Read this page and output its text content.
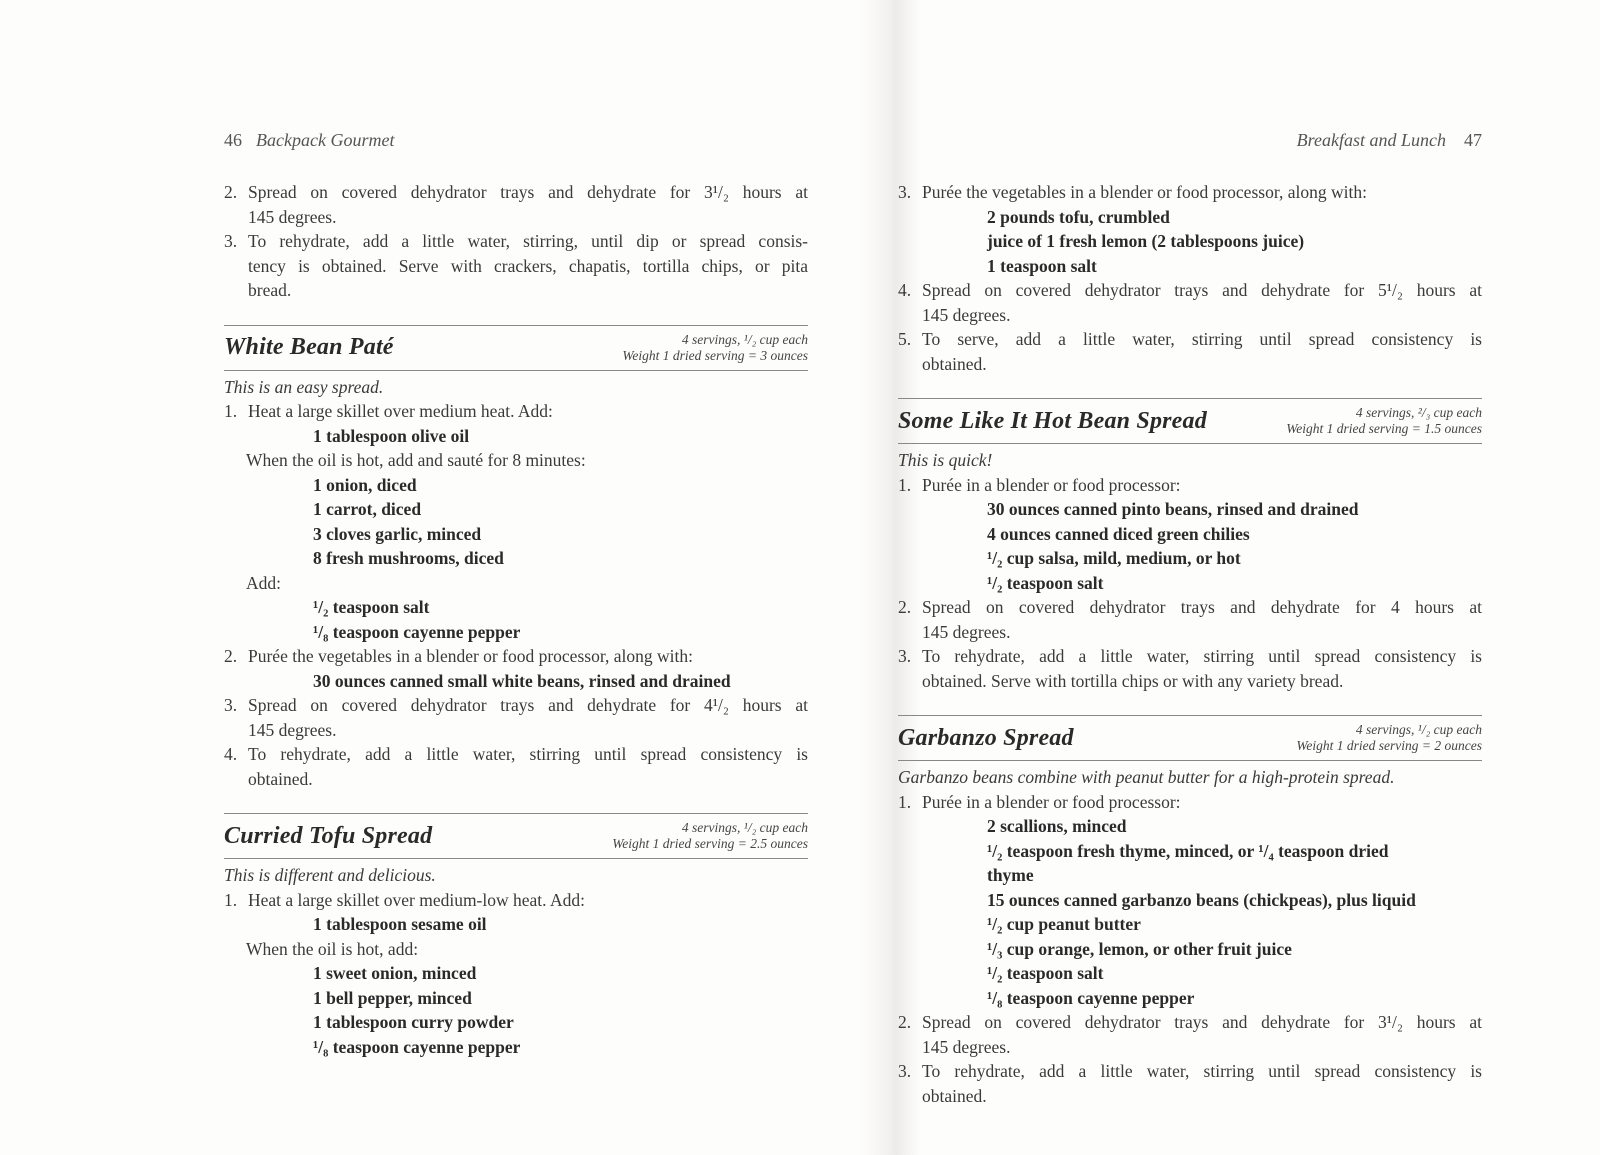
46 Backpack Gourmet
2. Spread on covered dehydrator trays and dehydrate for 3¹/₂ hours at
145 degrees.
3. To rehydrate, add a little water, stirring, until dip or spread consis-
tency is obtained. Serve with crackers, chapatis, tortilla chips, or pita
bread.
White Bean Paté	4 servings, ¹/₂ cup each
Weight 1 dried serving = 3 ounces
This is an easy spread.
1. Heat a large skillet over medium heat. Add:
1 tablespoon olive oil
When the oil is hot, add and sauté for 8 minutes:
1 onion, diced
1 carrot, diced
3 cloves garlic, minced
8 fresh mushrooms, diced
Add:
¹/₂ teaspoon salt
¹/₈ teaspoon cayenne pepper
2. Purée the vegetables in a blender or food processor, along with:
30 ounces canned small white beans, rinsed and drained
3. Spread on covered dehydrator trays and dehydrate for 4¹/₂ hours at
145 degrees.
4. To rehydrate, add a little water, stirring until spread consistency is
obtained.
Curried Tofu Spread	4 servings, ¹/₂ cup each
Weight 1 dried serving = 2.5 ounces
This is different and delicious.
1. Heat a large skillet over medium-low heat. Add:
1 tablespoon sesame oil
When the oil is hot, add:
1 sweet onion, minced
1 bell pepper, minced
1 tablespoon curry powder
¹/₈ teaspoon cayenne pepper
Breakfast and Lunch 47
3. Purée the vegetables in a blender or food processor, along with:
2 pounds tofu, crumbled
juice of 1 fresh lemon (2 tablespoons juice)
1 teaspoon salt
4. Spread on covered dehydrator trays and dehydrate for 5¹/₂ hours at
145 degrees.
5. To serve, add a little water, stirring until spread consistency is
obtained.
Some Like It Hot Bean Spread	4 servings, ²/₃ cup each
Weight 1 dried serving = 1.5 ounces
This is quick!
1. Purée in a blender or food processor:
30 ounces canned pinto beans, rinsed and drained
4 ounces canned diced green chilies
¹/₂ cup salsa, mild, medium, or hot
¹/₂ teaspoon salt
2. Spread on covered dehydrator trays and dehydrate for 4 hours at
145 degrees.
3. To rehydrate, add a little water, stirring until spread consistency is
obtained. Serve with tortilla chips or with any variety bread.
Garbanzo Spread	4 servings, ¹/₂ cup each
Weight 1 dried serving = 2 ounces
Garbanzo beans combine with peanut butter for a high-protein spread.
1. Purée in a blender or food processor:
2 scallions, minced
¹/₂ teaspoon fresh thyme, minced, or ¹/₄ teaspoon dried
thyme
15 ounces canned garbanzo beans (chickpeas), plus liquid
¹/₂ cup peanut butter
¹/₃ cup orange, lemon, or other fruit juice
¹/₂ teaspoon salt
¹/₈ teaspoon cayenne pepper
2. Spread on covered dehydrator trays and dehydrate for 3¹/₂ hours at
145 degrees.
3. To rehydrate, add a little water, stirring until spread consistency is
obtained.
